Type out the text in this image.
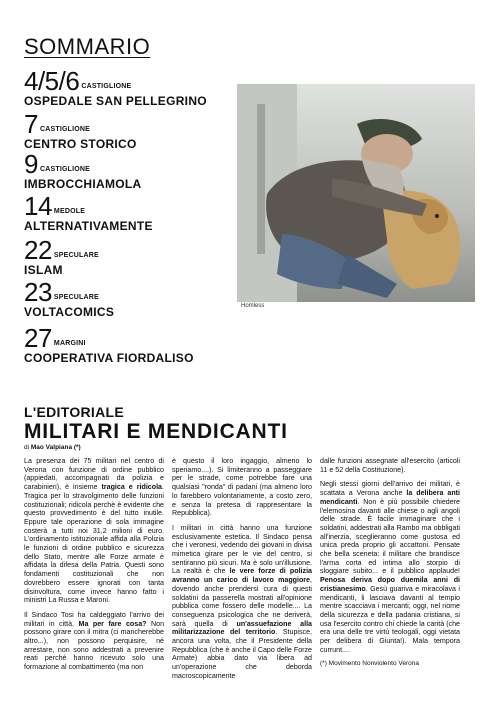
SOMMARIO
4/5/6 CASTIGLIONE
OSPEDALE SAN PELLEGRINO
7 CASTIGLIONE
CENTRO STORICO
9 CASTIGLIONE
IMBROCCHIAMOLA
14 MEDOLE
ALTERNATIVAMENTE
22 SPECULARE
ISLAM
23 SPECULARE
VOLTACOMICS
27 MARGINI
COOPERATIVA FIORDALISO
Homless
L'EDITORIALE
MILITARI E MENDICANTI
di Mao Valpiana (*)

La presenza dei 75 militari nel centro di Verona con funzione di ordine pubblico (appiedati, accompagnati da polizia e carabinieri), è insieme tragica e ridicola. Tragica per lo stravolgimento delle funzioni costituzionali; ridicola perchè è evidente che questo provvedimento è del tutto inutile. Eppure tale operazione di sola immagine costerà a tutti noi 31,2 milioni di euro. L'ordinamento istituzionale affida alla Polizia le funzioni di ordine pubblico e sicurezza dello Stato, mentre alle Forze armate è affidata la difesa della Patria. Questi sono fondamenti costituzionali che non dovrebbero essere ignorati con tanta disinvoltura, come invece hanno fatto i ministri La Russa e Maroni.

Il Sindaco Tosi ha caldeggiato l'arrivo dei militari in città. Ma per fare cosa? Non possono girare con il mitra (ci mancherebbe altro...), non possono perquisire, né arrestare, non sono addestrati a prevenire reati perché hanno ricevuto solo una formazione al combattimento (ma non

è questo il loro ingaggio, almeno lo speriamo....). Si limiteranno a passeggiare per le strade, come potrebbe fare una qualsiasi "ronda" di padani (ma almeno loro lo farebbero volontariamente, a costo zero, e senza la pretesa di rappresentare la Repubblica).

I militari in città hanno una funzione esclusivamente estetica. Il Sindaco pensa che i veronesi, vedendo dei giovani in divisa mimetica girare per le vie del centro, si sentiranno più sicuri. Ma è solo un'illusione. La realtà è che le vere forze di polizia avranno un carico di lavoro maggiore, dovendo anche prendersi cura di questi soldatini da passerella mostrati all'opinione pubblica come fossero delle modelle.... La conseguenza psicologica che ne deriverà, sarà quella di un'assuefazione alla militarizzazione del territorio. Stupisce, ancora una volta, che il Presidente della Repubblica (che è anche il Capo delle Forze Armate) abbia dato via libera ad un'operazione che deborda macroscopicamente

dalle funzioni assegnate all'esercito (articoli 11 e 52 della Costituzione).

Negli stessi giorni dell'arrivo dei militari, è scattata a Verona anche la delibera anti mendicanti. Non è più possibile chiedere l'elemosina davanti alle chiese o agli angoli delle strade. È facile immaginare che i soldatini, addestrati alla Rambo ma obbligati all'inerzia, sceglieranno come gustosa ed unica preda proprio gli accattoni. Pensate che bella sceneta: il militare che brandisce l'arma corta ed intima allo storpio di sloggiare subito... e il pubblico applaude! Penosa deriva dopo duemila anni di cristianesimo. Gesù guariva e miracolava i mendicanti, li lasciava davanti al tempio mentre scacciava i mercanti; oggi, nel nome della sicurezza e della padania cristiana, si usa l'esercito contro chi chiede la carità (che era una delle tre virtù teologali, oggi vietata per delibera di Giunta!). Mala tempora currunt....

(*) Movimento Nonviolento Verona
